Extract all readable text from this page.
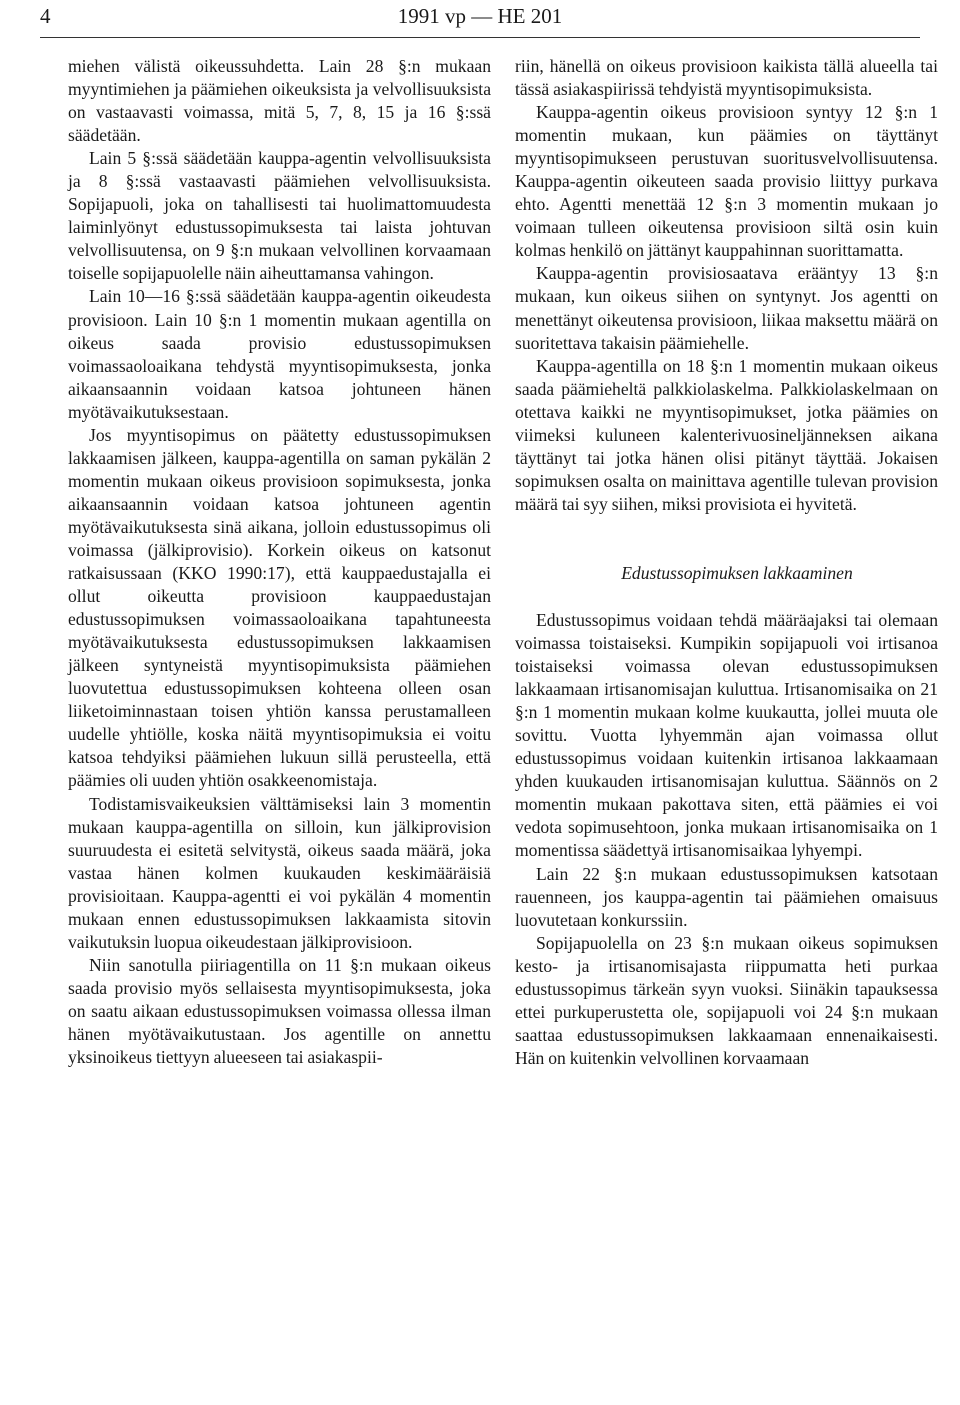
4	1991 vp — HE 201

miehen välistä oikeussuhdetta. Lain 28 §:n mukaan myyntimiehen ja päämiehen oikeuksista ja velvollisuuksista on vastaavasti voimassa, mitä 5, 7, 8, 15 ja 16 §:ssä säädetään.

Lain 5 §:ssä säädetään kauppa-agentin velvollisuuksista ja 8 §:ssä vastaavasti päämiehen velvollisuuksista. Sopijapuoli, joka on tahallisesti tai huolimattomuudesta laiminlyönyt edustussopimuksesta tai laista johtuvan velvollisuutensa, on 9 §:n mukaan velvollinen korvaamaan toiselle sopijapuolelle näin aiheuttamansa vahingon.

Lain 10—16 §:ssä säädetään kauppa-agentin oikeudesta provisioon. Lain 10 §:n 1 momentin mukaan agentilla on oikeus saada provisio edustussopimuksen voimassaoloaikana tehdystä myyntisopimuksesta, jonka aikaansaannin voidaan katsoa johtuneen hänen myötävaikutuksestaan.

Jos myyntisopimus on päätetty edustussopimuksen lakkaamisen jälkeen, kauppa-agentilla on saman pykälän 2 momentin mukaan oikeus provisioon sopimuksesta, jonka aikaansaannin voidaan katsoa johtuneen agentin myötävaikutuksesta sinä aikana, jolloin edustussopimus oli voimassa (jälkiprovisio). Korkein oikeus on katsonut ratkaisussaan (KKO 1990:17), että kauppaedustajalla ei ollut oikeutta provisioon kauppaedustajan edustussopimuksen voimassaoloaikana tapahtuneesta myötävaikutuksesta edustussopimuksen lakkaamisen jälkeen syntyneistä myyntisopimuksista päämiehen luovutettua edustussopimuksen kohteena olleen osan liiketoiminnastaan toisen yhtiön kanssa perustamalleen uudelle yhtiölle, koska näitä myyntisopimuksia ei voitu katsoa tehdyiksi päämiehen lukuun sillä perusteella, että päämies oli uuden yhtiön osakkeenomistaja.

Todistamisvaikeuksien välttämiseksi lain 3 momentin mukaan kauppa-agentilla on silloin, kun jälkiprovision suuruudesta ei esitetä selvitystä, oikeus saada määrä, joka vastaa hänen kolmen kuukauden keskimääräisiä provisioitaan. Kauppa-agentti ei voi pykälän 4 momentin mukaan ennen edustussopimuksen lakkaamista sitovin vaikutuksin luopua oikeudestaan jälkiprovisioon.

Niin sanotulla piiriagentilla on 11 §:n mukaan oikeus saada provisio myös sellaisesta myyntisopimuksesta, joka on saatu aikaan edustussopimuksen voimassa ollessa ilman hänen myötävaikutustaan. Jos agentille on annettu yksinoikeus tiettyyn alueeseen tai asiakaspii-

riin, hänellä on oikeus provisioon kaikista tällä alueella tai tässä asiakaspiirissä tehdyistä myyntisopimuksista.

Kauppa-agentin oikeus provisioon syntyy 12 §:n 1 momentin mukaan, kun päämies on täyttänyt myyntisopimukseen perustuvan suoritusvelvollisuutensa. Kauppa-agentin oikeuteen saada provisio liittyy purkava ehto. Agentti menettää 12 §:n 3 momentin mukaan jo voimaan tulleen oikeutensa provisioon siltä osin kuin kolmas henkilö on jättänyt kauppahinnan suorittamatta.

Kauppa-agentin provisiosaatava erääntyy 13 §:n mukaan, kun oikeus siihen on syntynyt. Jos agentti on menettänyt oikeutensa provisioon, liikaa maksettu määrä on suoritettava takaisin päämiehelle.

Kauppa-agentilla on 18 §:n 1 momentin mukaan oikeus saada päämieheltä palkkiolaskelma. Palkkiolaskelmaan on otettava kaikki ne myyntisopimukset, jotka päämies on viimeksi kuluneen kalenterivuosineljänneksen aikana täyttänyt tai jotka hänen olisi pitänyt täyttää. Jokaisen sopimuksen osalta on mainittava agentille tulevan provision määrä tai syy siihen, miksi provisiota ei hyvitetä.

Edustussopimuksen lakkaaminen

Edustussopimus voidaan tehdä määräajaksi tai olemaan voimassa toistaiseksi. Kumpikin sopijapuoli voi irtisanoa toistaiseksi voimassa olevan edustussopimuksen lakkaamaan irtisanomisajan kuluttua. Irtisanomisaika on 21 §:n 1 momentin mukaan kolme kuukautta, jollei muuta ole sovittu. Vuotta lyhyemmän ajan voimassa ollut edustussopimus voidaan kuitenkin irtisanoa lakkaamaan yhden kuukauden irtisanomisajan kuluttua. Säännös on 2 momentin mukaan pakottava siten, että päämies ei voi vedota sopimusehtoon, jonka mukaan irtisanomisaika on 1 momentissa säädettyä irtisanomisaikaa lyhyempi.

Lain 22 §:n mukaan edustussopimuksen katsotaan rauenneen, jos kauppa-agentin tai päämiehen omaisuus luovutetaan konkurssiin.

Sopijapuolella on 23 §:n mukaan oikeus sopimuksen kesto- ja irtisanomisajasta riippumatta heti purkaa edustussopimus tärkeän syyn vuoksi. Siinäkin tapauksessa ettei purkuperustetta ole, sopijapuoli voi 24 §:n mukaan saattaa edustussopimuksen lakkaamaan ennenaikaisesti. Hän on kuitenkin velvollinen korvaamaan
